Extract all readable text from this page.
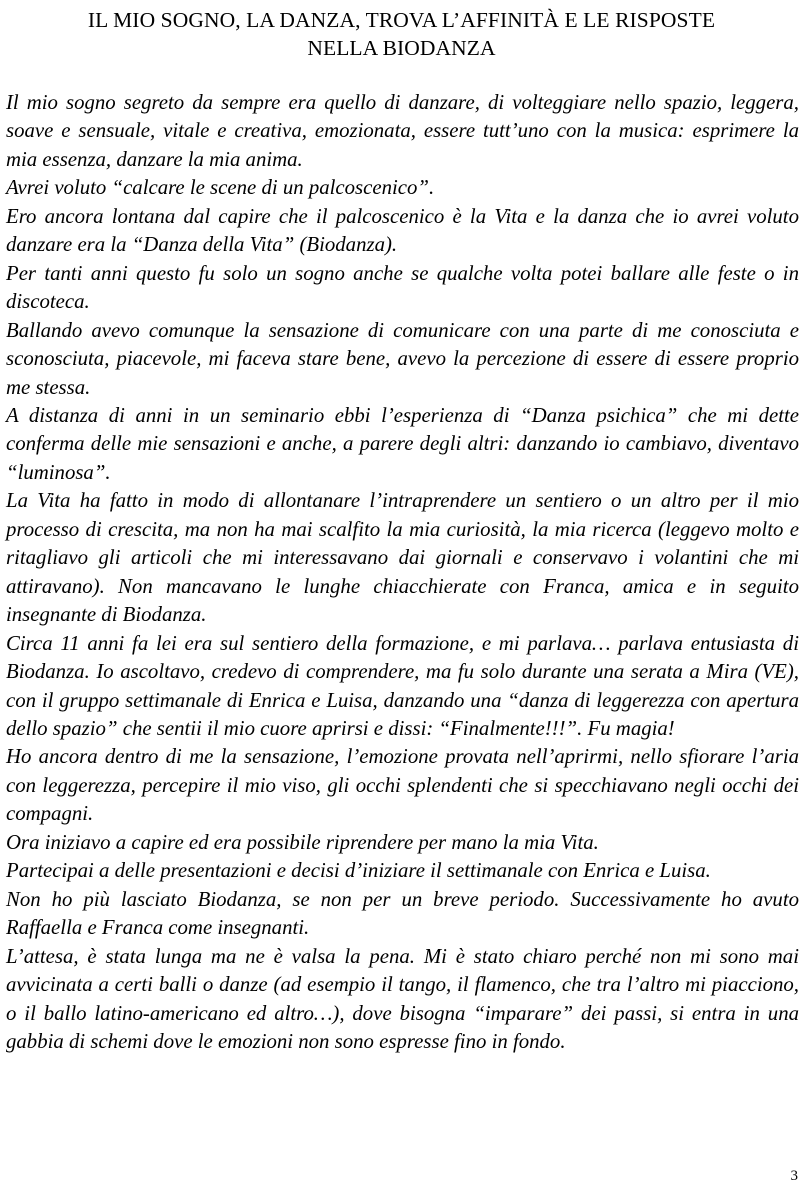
IL MIO SOGNO, LA DANZA, TROVA L’AFFINITÀ E LE RISPOSTE
NELLA BIODANZA

Il mio sogno segreto da sempre era quello di danzare, di volteggiare nello spazio, leggera, soave e sensuale, vitale e creativa, emozionata, essere tutt’uno con la musica: esprimere la mia essenza, danzare la mia anima.

Avrei voluto “calcare le scene di un palcoscenico”.

Ero ancora lontana dal capire che il palcoscenico è la Vita e la danza che io avrei voluto danzare era la “Danza della Vita” (Biodanza).

Per tanti anni questo fu solo un sogno anche se qualche volta potei ballare alle feste o in discoteca.

Ballando avevo comunque la sensazione di comunicare con una parte di me conosciuta e sconosciuta, piacevole, mi faceva stare bene, avevo la percezione di essere di essere proprio me stessa.

A distanza di anni in un seminario ebbi l’esperienza di “Danza psichica” che mi dette conferma delle mie sensazioni e anche, a parere degli altri: danzando io cambiavo, diventavo “luminosa”.

La Vita ha fatto in modo di allontanare l’intraprendere un sentiero o un altro per il mio processo di crescita, ma non ha mai scalfito la mia curiosità, la mia ricerca (leggevo molto e ritagliavo gli articoli che mi interessavano dai giornali e conservavo i volantini che mi attiravano). Non mancavano le lunghe chiacchierate con Franca, amica e in seguito insegnante di Biodanza.

Circa 11 anni fa lei era sul sentiero della formazione, e mi parlava… parlava entusiasta di Biodanza. Io ascoltavo, credevo di comprendere, ma fu solo durante una serata a Mira (VE), con il gruppo settimanale di Enrica e Luisa, danzando una “danza di leggerezza con apertura dello spazio” che sentii il mio cuore aprirsi e dissi: “Finalmente!!!”. Fu magia!

Ho ancora dentro di me la sensazione, l’emozione provata nell’aprirmi, nello sfiorare l’aria con leggerezza, percepire il mio viso, gli occhi splendenti che si specchiavano negli occhi dei compagni.

Ora iniziavo a capire ed era possibile riprendere per mano la mia Vita.

Partecipai a delle presentazioni e decisi d’iniziare il settimanale con Enrica e Luisa.

Non ho più lasciato Biodanza, se non per un breve periodo. Successivamente ho avuto Raffaella e Franca come insegnanti.

L’attesa, è stata lunga ma ne è valsa la pena. Mi è stato chiaro perché non mi sono mai avvicinata a certi balli o danze (ad esempio il tango, il flamenco, che tra l’altro mi piacciono, o il ballo latino-americano ed altro…), dove bisogna “imparare” dei passi, si entra in una gabbia di schemi dove le emozioni non sono espresse fino in fondo.

3
